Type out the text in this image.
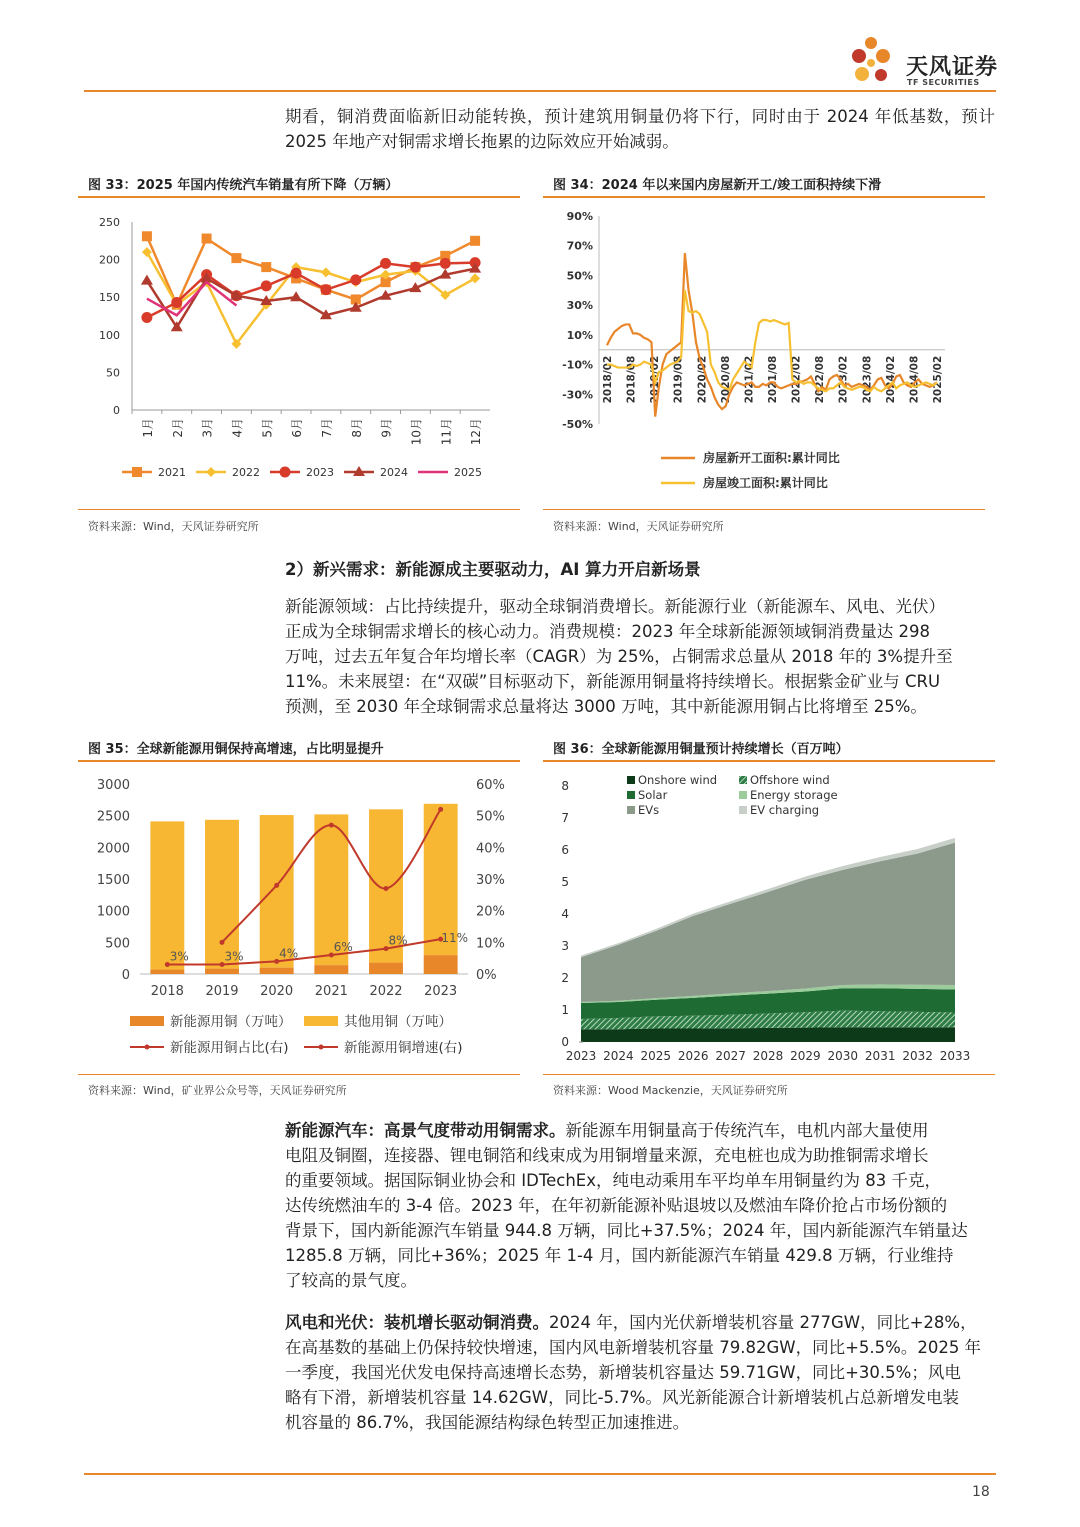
天风证券
TF SECURITIES
期看，铜消费面临新旧动能转换，预计建筑用铜量仍将下行，同时由于 2024 年低基数，预计 2025 年地产对铜需求增长拖累的边际效应开始减弱。
图 33：2025 年国内传统汽车销量有所下降（万辆）
0
50
100
150
200
250
1月 2月 3月 4月 5月 6月 7月 8月 9月 10月 11月 12月
2021	2022	2023	2024	2025
资料来源：Wind，天风证券研究所
图 34：2024 年以来国内房屋新开工/竣工面积持续下滑
90%
70%
50%
30%
10%
-10%
-30%
-50%
2018/02 2018/08 2019/02 2019/08 2020/02 2020/08 2021/02 2021/08 2022/02 2022/08 2023/02 2023/08 2024/02 2024/08 2025/02
房屋新开工面积:累计同比
房屋竣工面积:累计同比
资料来源：Wind，天风证券研究所
2）新兴需求：新能源成主要驱动力，AI 算力开启新场景
新能源领域：占比持续提升，驱动全球铜消费增长。新能源行业（新能源车、风电、光伏）
正成为全球铜需求增长的核心动力。消费规模：2023 年全球新能源领域铜消费量达 298
万吨，过去五年复合年均增长率（CAGR）为 25%，占铜需求总量从 2018 年的 3%提升至
11%。未来展望：在“双碳”目标驱动下，新能源用铜量将持续增长。根据紫金矿业与 CRU
预测，至 2030 年全球铜需求总量将达 3000 万吨，其中新能源用铜占比将增至 25%。
图 35：全球新能源用铜保持高增速，占比明显提升
0
500
1000
1500
2000
2500
3000
0%
10%
20%
30%
40%
50%
60%
2018 2019 2020 2021 2022 2023
3%	3%	4%	6%	8%	11%
新能源用铜（万吨）	其他用铜（万吨）
新能源用铜占比(右)	新能源用铜增速(右)
资料来源：Wind，矿业界公众号等，天风证券研究所
图 36：全球新能源用铜量预计持续增长（百万吨）
0
1
2
3
4
5
6
7
8
2023 2024 2025 2026 2027 2028 2029 2030 2031 2032 2033
Onshore wind	Offshore wind
Solar	Energy storage
EVs	EV charging
资料来源：Wood Mackenzie，天风证券研究所
新能源汽车：高景气度带动用铜需求。新能源车用铜量高于传统汽车，电机内部大量使用
电阻及铜圈，连接器、锂电铜箔和线束成为用铜增量来源，充电桩也成为助推铜需求增长
的重要领域。据国际铜业协会和 IDTechEx，纯电动乘用车平均单车用铜量约为 83 千克，
达传统燃油车的 3-4 倍。2023 年，在年初新能源补贴退坡以及燃油车降价抢占市场份额的
背景下，国内新能源汽车销量 944.8 万辆，同比+37.5%；2024 年，国内新能源汽车销量达
1285.8 万辆，同比+36%；2025 年 1-4 月，国内新能源汽车销量 429.8 万辆，行业维持
了较高的景气度。
风电和光伏：装机增长驱动铜消费。2024 年，国内光伏新增装机容量 277GW，同比+28%，
在高基数的基础上仍保持较快增速，国内风电新增装机容量 79.82GW，同比+5.5%。2025 年
一季度，我国光伏发电保持高速增长态势，新增装机容量达 59.71GW，同比+30.5%；风电
略有下滑，新增装机容量 14.62GW，同比-5.7%。风光新能源合计新增装机占总新增发电装
机容量的 86.7%，我国能源结构绿色转型正加速推进。
18
